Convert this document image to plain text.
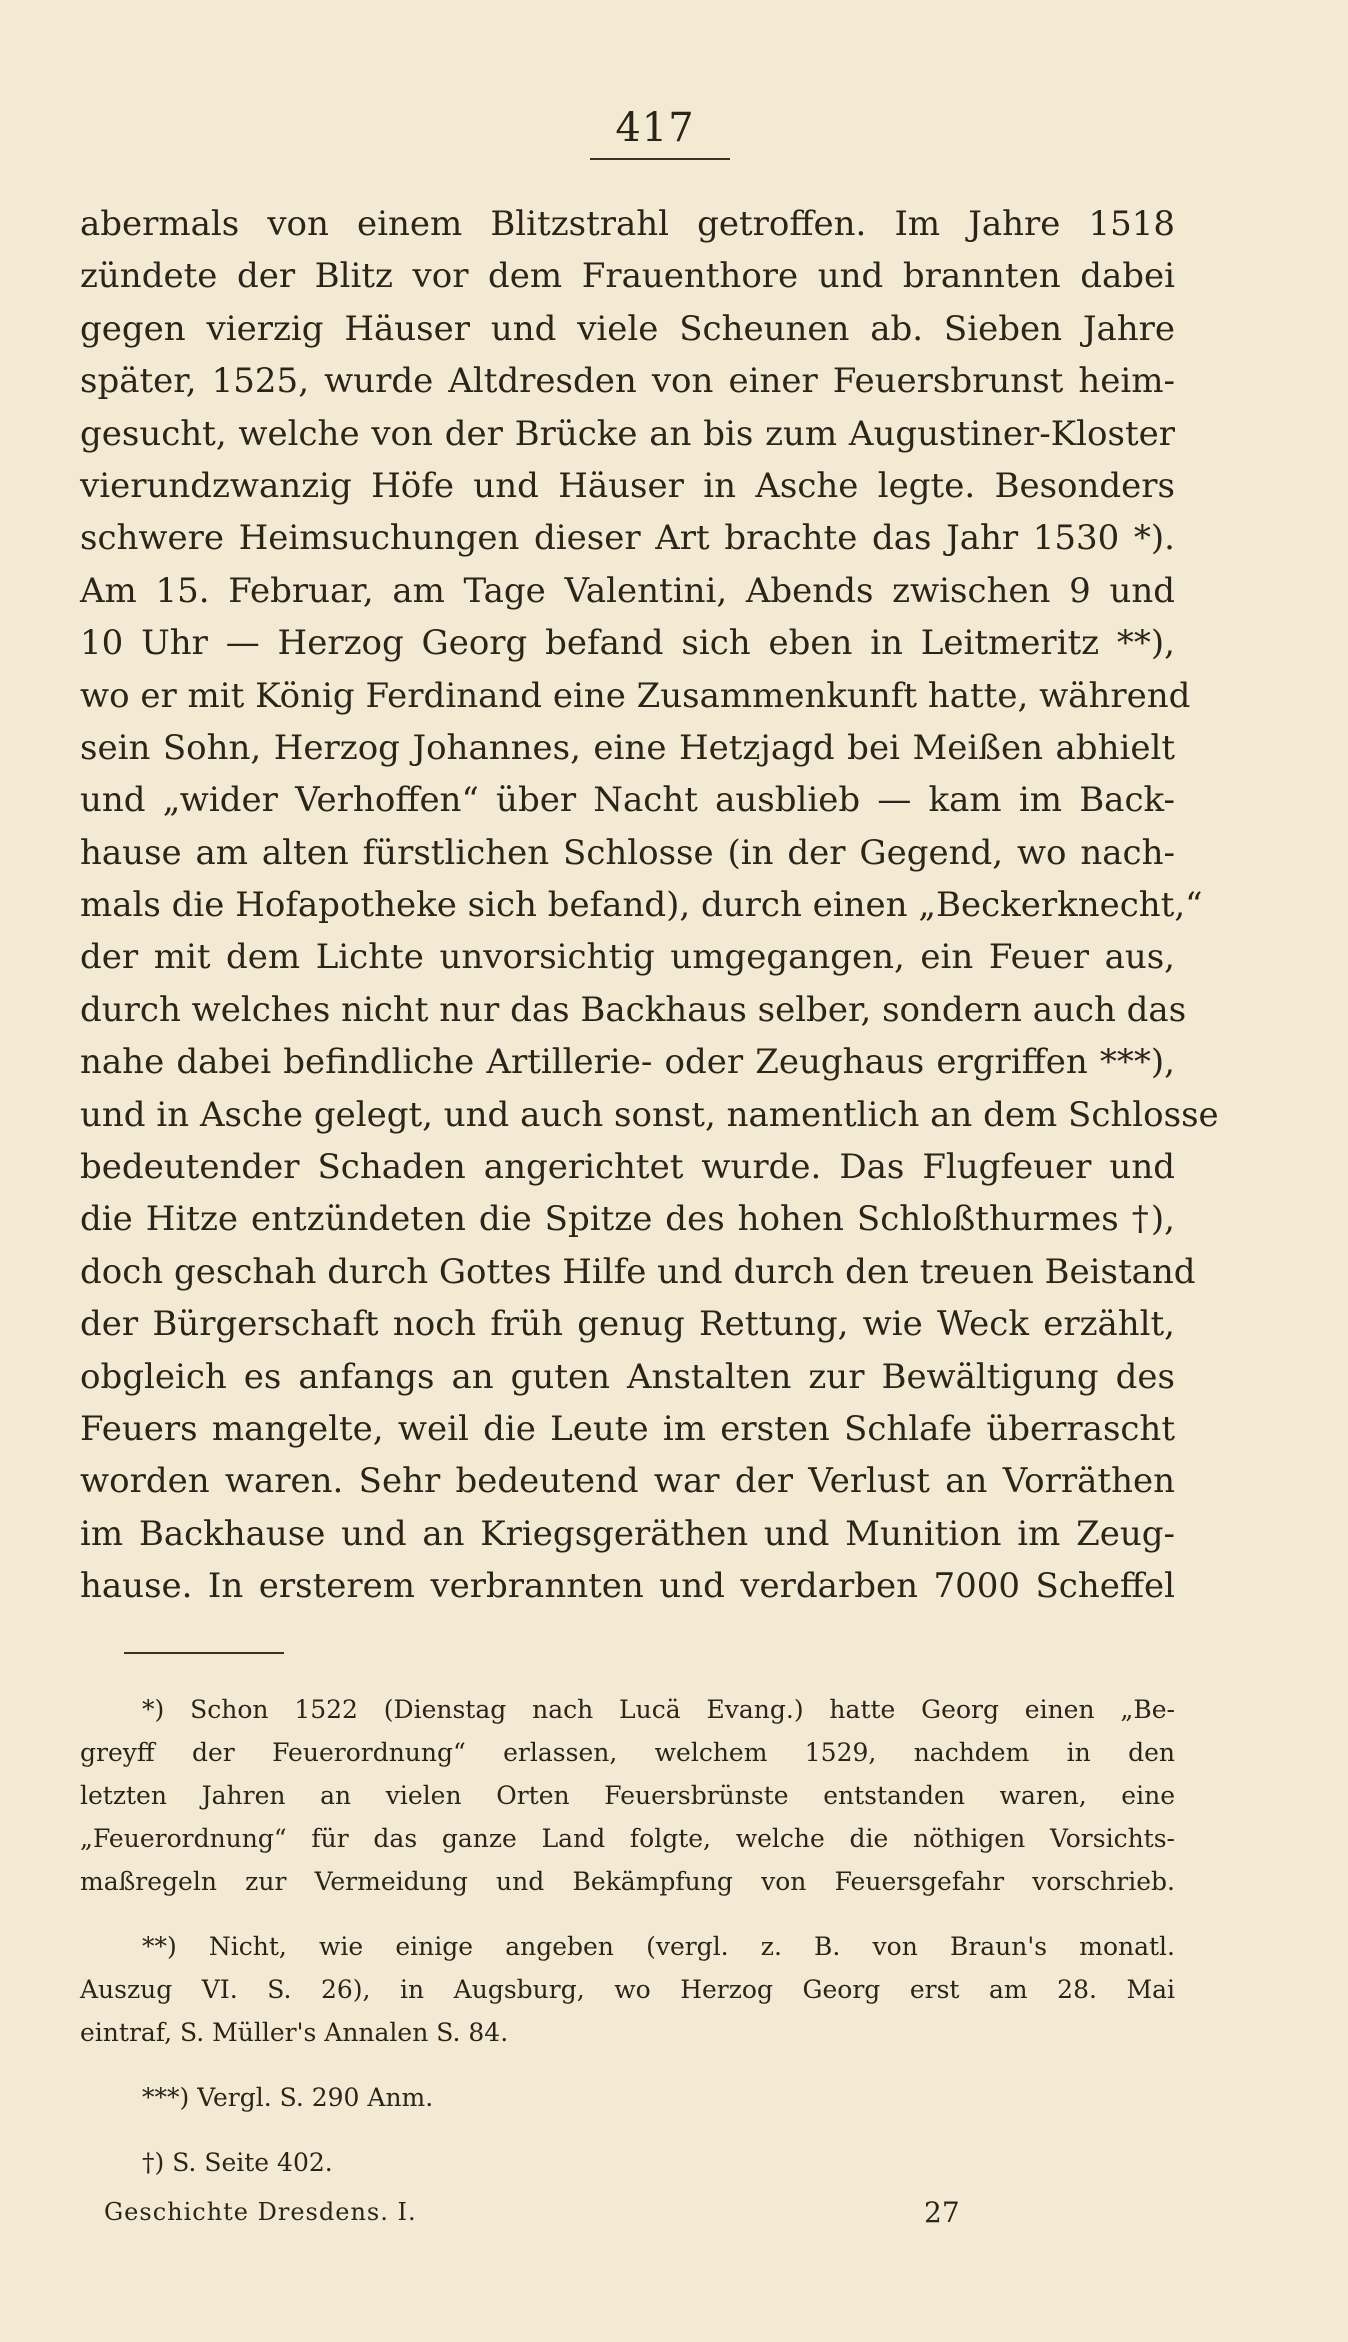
417
abermals von einem Blitzstrahl getroffen. Im Jahre 1518
zündete der Blitz vor dem Frauenthore und brannten dabei
gegen vierzig Häuser und viele Scheunen ab. Sieben Jahre
später, 1525, wurde Altdresden von einer Feuersbrunst heim-
gesucht, welche von der Brücke an bis zum Augustiner-Kloster
vierundzwanzig Höfe und Häuser in Asche legte. Besonders
schwere Heimsuchungen dieser Art brachte das Jahr 1530 *).
Am 15. Februar, am Tage Valentini, Abends zwischen 9 und
10 Uhr — Herzog Georg befand sich eben in Leitmeritz **),
wo er mit König Ferdinand eine Zusammenkunft hatte, während
sein Sohn, Herzog Johannes, eine Hetzjagd bei Meißen abhielt
und „wider Verhoffen“ über Nacht ausblieb — kam im Back-
hause am alten fürstlichen Schlosse (in der Gegend, wo nach-
mals die Hofapotheke sich befand), durch einen „Beckerknecht,“
der mit dem Lichte unvorsichtig umgegangen, ein Feuer aus,
durch welches nicht nur das Backhaus selber, sondern auch das
nahe dabei befindliche Artillerie- oder Zeughaus ergriffen ***),
und in Asche gelegt, und auch sonst, namentlich an dem Schlosse
bedeutender Schaden angerichtet wurde. Das Flugfeuer und
die Hitze entzündeten die Spitze des hohen Schloßthurmes †),
doch geschah durch Gottes Hilfe und durch den treuen Beistand
der Bürgerschaft noch früh genug Rettung, wie Weck erzählt,
obgleich es anfangs an guten Anstalten zur Bewältigung des
Feuers mangelte, weil die Leute im ersten Schlafe überrascht
worden waren. Sehr bedeutend war der Verlust an Vorräthen
im Backhause und an Kriegsgeräthen und Munition im Zeug-
hause. In ersterem verbrannten und verdarben 7000 Scheffel
*) Schon 1522 (Dienstag nach Lucä Evang.) hatte Georg einen „Be-
greyff der Feuerordnung“ erlassen, welchem 1529, nachdem in den
letzten Jahren an vielen Orten Feuersbrünste entstanden waren, eine
„Feuerordnung“ für das ganze Land folgte, welche die nöthigen Vorsichts-
maßregeln zur Vermeidung und Bekämpfung von Feuersgefahr vorschrieb.
**) Nicht, wie einige angeben (vergl. z. B. von Braun's monatl.
Auszug VI. S. 26), in Augsburg, wo Herzog Georg erst am 28. Mai
eintraf, S. Müller's Annalen S. 84.
***) Vergl. S. 290 Anm.
†) S. Seite 402.
Geschichte Dresdens. I.	27
